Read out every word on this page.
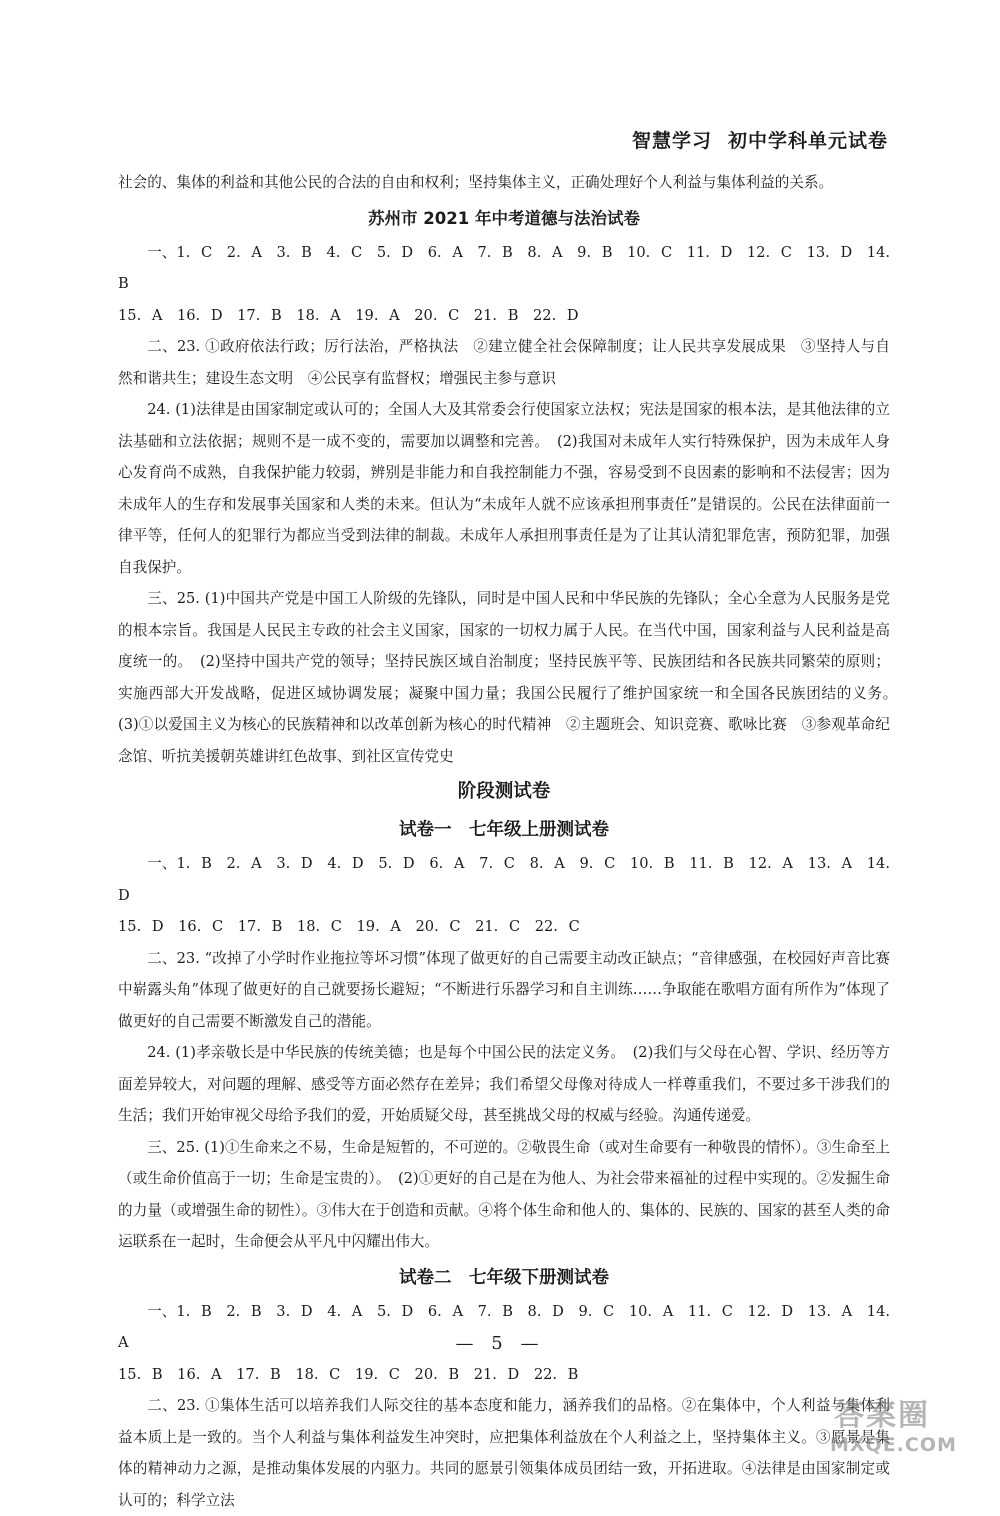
智慧学习 初中学科单元试卷

社会的、集体的利益和其他公民的合法的自由和权利；坚持集体主义，正确处理好个人利益与集体利益的关系。

苏州市 2021 年中考道德与法治试卷

一、1. C　2. A　3. B　4. C　5. D　6. A　7. B　8. A　9. B　10. C　11. D　12. C　13. D　14. B

15. A　16. D　17. B　18. A　19. A　20. C　21. B　22. D

二、23. ①政府依法行政；厉行法治，严格执法　②建立健全社会保障制度；让人民共享发展成果　③坚持人与自然和谐共生；建设生态文明　④公民享有监督权；增强民主参与意识

24. (1)法律是由国家制定或认可的；全国人大及其常委会行使国家立法权；宪法是国家的根本法，是其他法律的立法基础和立法依据；规则不是一成不变的，需要加以调整和完善。　(2)我国对未成年人实行特殊保护，因为未成年人身心发育尚不成熟，自我保护能力较弱，辨别是非能力和自我控制能力不强，容易受到不良因素的影响和不法侵害；因为未成年人的生存和发展事关国家和人类的未来。但认为“未成年人就不应该承担刑事责任”是错误的。公民在法律面前一律平等，任何人的犯罪行为都应当受到法律的制裁。未成年人承担刑事责任是为了让其认清犯罪危害，预防犯罪，加强自我保护。

三、25. (1)中国共产党是中国工人阶级的先锋队，同时是中国人民和中华民族的先锋队；全心全意为人民服务是党的根本宗旨。我国是人民民主专政的社会主义国家，国家的一切权力属于人民。在当代中国，国家利益与人民利益是高度统一的。　(2)坚持中国共产党的领导；坚持民族区域自治制度；坚持民族平等、民族团结和各民族共同繁荣的原则；实施西部大开发战略，促进区域协调发展；凝聚中国力量；我国公民履行了维护国家统一和全国各民族团结的义务。　(3)①以爱国主义为核心的民族精神和以改革创新为核心的时代精神　②主题班会、知识竞赛、歌咏比赛　③参观革命纪念馆、听抗美援朝英雄讲红色故事、到社区宣传党史

阶段测试卷
试卷一　七年级上册测试卷

一、1. B　2. A　3. D　4. D　5. D　6. A　7. C　8. A　9. C　10. B　11. B　12. A　13. A　14. D

15. D　16. C　17. B　18. C　19. A　20. C　21. C　22. C

二、23. “改掉了小学时作业拖拉等坏习惯”体现了做更好的自己需要主动改正缺点；“音律感强，在校园好声音比赛中崭露头角”体现了做更好的自己就要扬长避短；“不断进行乐器学习和自主训练……争取能在歌唱方面有所作为”体现了做更好的自己需要不断激发自己的潜能。

24. (1)孝亲敬长是中华民族的传统美德；也是每个中国公民的法定义务。　(2)我们与父母在心智、学识、经历等方面差异较大，对问题的理解、感受等方面必然存在差异；我们希望父母像对待成人一样尊重我们，不要过多干涉我们的生活；我们开始审视父母给予我们的爱，开始质疑父母，甚至挑战父母的权威与经验。沟通传递爱。

三、25. (1)①生命来之不易，生命是短暂的，不可逆的。②敬畏生命（或对生命要有一种敬畏的情怀）。③生命至上（或生命价值高于一切；生命是宝贵的）。　(2)①更好的自己是在为他人、为社会带来福祉的过程中实现的。②发掘生命的力量（或增强生命的韧性）。③伟大在于创造和贡献。④将个体生命和他人的、集体的、民族的、国家的甚至人类的命运联系在一起时，生命便会从平凡中闪耀出伟大。

试卷二　七年级下册测试卷

一、1. B　2. B　3. D　4. A　5. D　6. A　7. B　8. D　9. C　10. A　11. C　12. D　13. A　14. A

15. B　16. A　17. B　18. C　19. C　20. B　21. D　22. B

二、23. ①集体生活可以培养我们人际交往的基本态度和能力，涵养我们的品格。②在集体中，个人利益与集体利益本质上是一致的。当个人利益与集体利益发生冲突时，应把集体利益放在个人利益之上，坚持集体主义。③愿景是集体的精神动力之源，是推动集体发展的内驱力。共同的愿景引领集体成员团结一致，开拓进取。④法律是由国家制定或认可的；科学立法

— 5 —
答案圈
MXQE.COM
